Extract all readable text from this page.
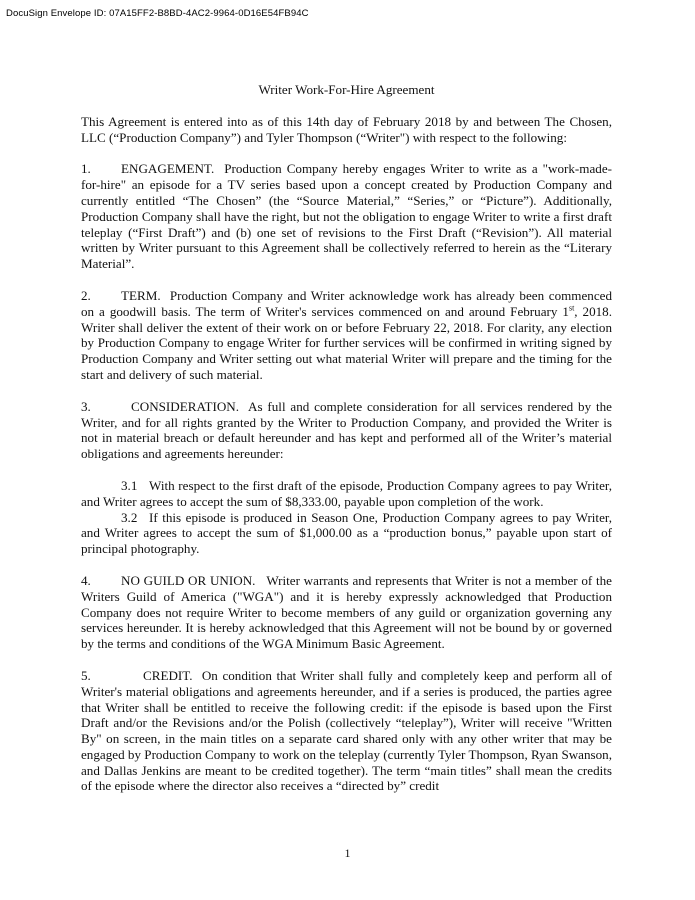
DocuSign Envelope ID: 07A15FF2-B8BD-4AC2-9964-0D16E54FB94C
Writer Work-For-Hire Agreement

This Agreement is entered into as of this 14th day of February 2018 by and between The Chosen, LLC (“Production Company”) and Tyler Thompson (“Writer") with respect to the following:

1. ENGAGEMENT. Production Company hereby engages Writer to write as a "work-made-for-hire" an episode for a TV series based upon a concept created by Production Company and currently entitled “The Chosen” (the “Source Material,” “Series,” or “Picture”). Additionally, Production Company shall have the right, but not the obligation to engage Writer to write a first draft teleplay (“First Draft”) and (b) one set of revisions to the First Draft (“Revision”). All material written by Writer pursuant to this Agreement shall be collectively referred to herein as the “Literary Material”.

2. TERM. Production Company and Writer acknowledge work has already been commenced on a goodwill basis. The term of Writer's services commenced on and around February 1st, 2018. Writer shall deliver the extent of their work on or before February 22, 2018. For clarity, any election by Production Company to engage Writer for further services will be confirmed in writing signed by Production Company and Writer setting out what material Writer will prepare and the timing for the start and delivery of such material.

3.	CONSIDERATION. As full and complete consideration for all services rendered by the Writer, and for all rights granted by the Writer to Production Company, and provided the Writer is not in material breach or default hereunder and has kept and performed all of the Writer’s material obligations and agreements hereunder:

3.1 With respect to the first draft of the episode, Production Company agrees to pay Writer, and Writer agrees to accept the sum of $8,333.00, payable upon completion of the work.

3.2 If this episode is produced in Season One, Production Company agrees to pay Writer, and Writer agrees to accept the sum of $1,000.00 as a “production bonus,” payable upon start of principal photography.

4. NO GUILD OR UNION. Writer warrants and represents that Writer is not a member of the Writers Guild of America ("WGA") and it is hereby expressly acknowledged that Production Company does not require Writer to become members of any guild or organization governing any services hereunder. It is hereby acknowledged that this Agreement will not be bound by or governed by the terms and conditions of the WGA Minimum Basic Agreement.

5.	CREDIT. On condition that Writer shall fully and completely keep and perform all of Writer's material obligations and agreements hereunder, and if a series is produced, the parties agree that Writer shall be entitled to receive the following credit: if the episode is based upon the First Draft and/or the Revisions and/or the Polish (collectively “teleplay”), Writer will receive "Written By" on screen, in the main titles on a separate card shared only with any other writer that may be engaged by Production Company to work on the teleplay (currently Tyler Thompson, Ryan Swanson, and Dallas Jenkins are meant to be credited together). The term “main titles” shall mean the credits of the episode where the director also receives a “directed by” credit

1
